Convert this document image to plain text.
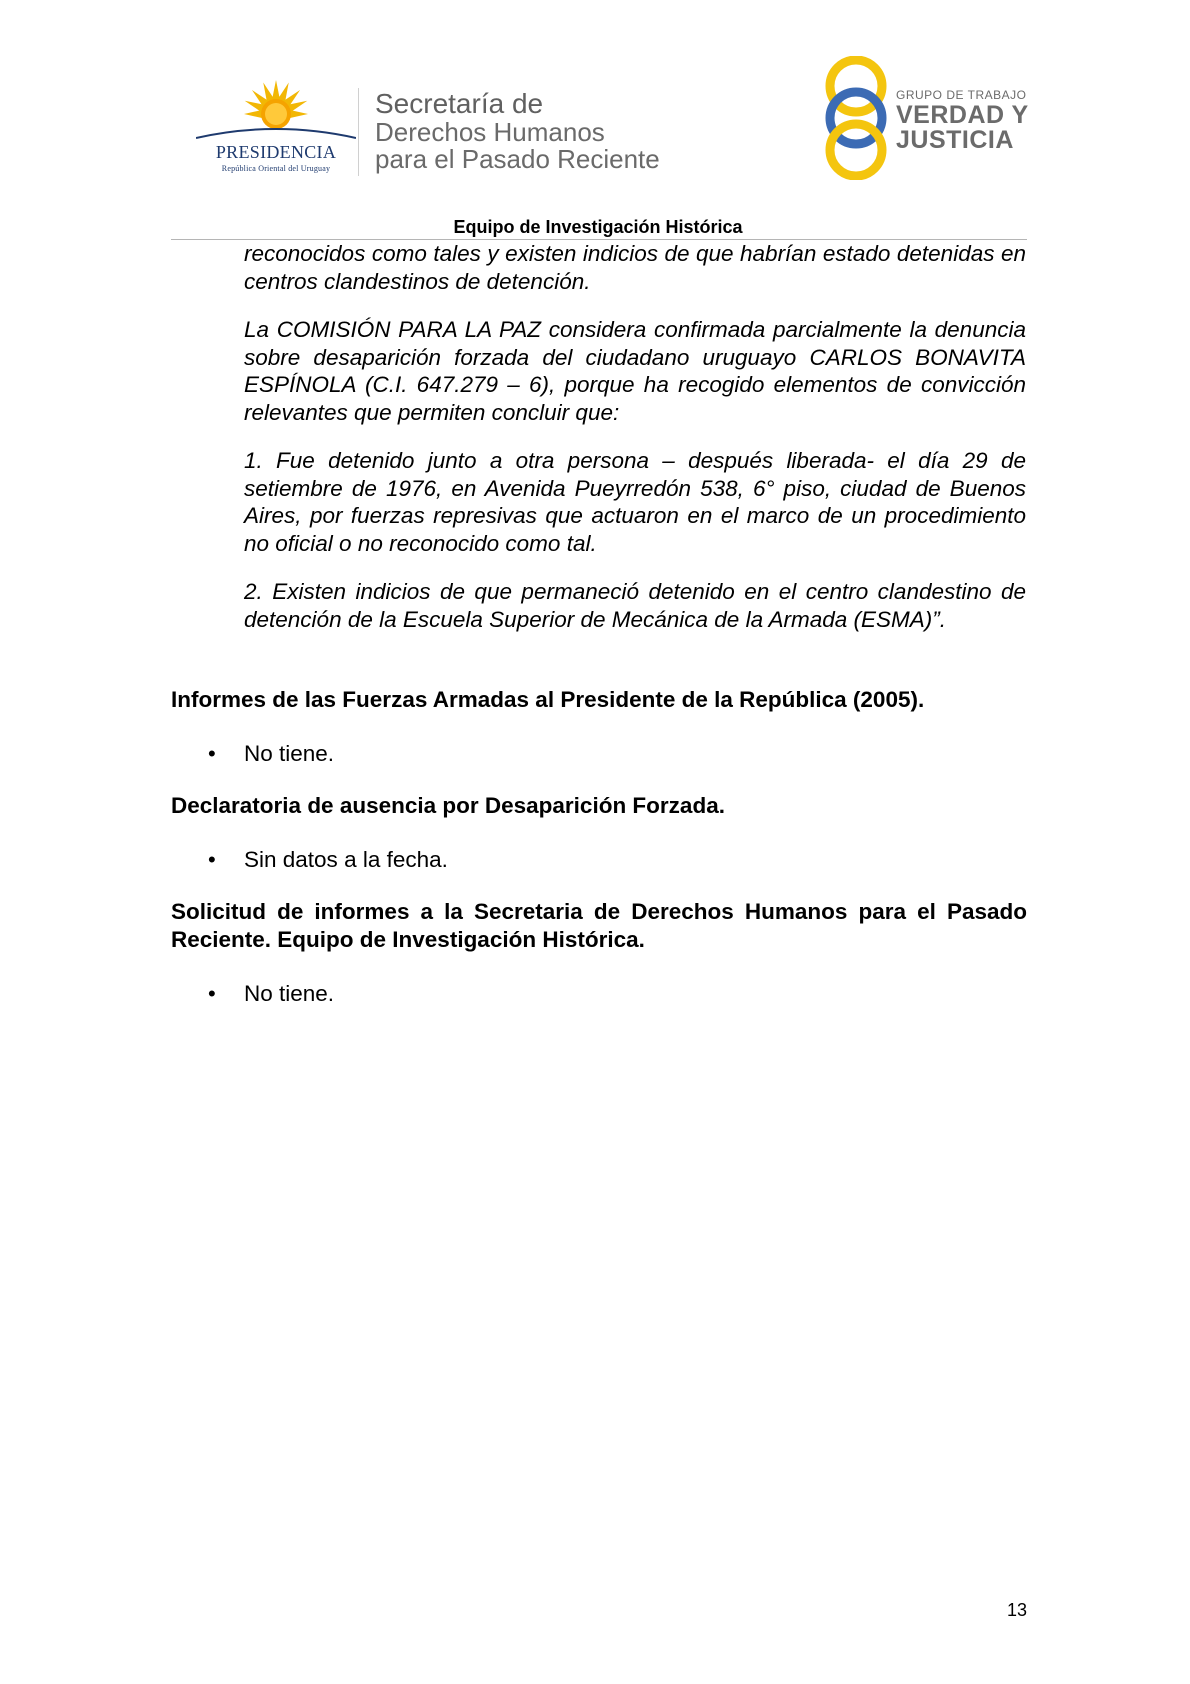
PRESIDENCIA
República Oriental del Uruguay
Secretaría de
Derechos Humanos
para el Pasado Reciente
GRUPO DE TRABAJO
VERDAD Y
JUSTICIA
Equipo de Investigación Histórica
reconocidos como tales y existen indicios de que habrían estado detenidas en centros clandestinos de detención.
La COMISIÓN PARA LA PAZ considera confirmada parcialmente la denuncia sobre desaparición forzada del ciudadano uruguayo CARLOS BONAVITA ESPÍNOLA (C.I. 647.279 – 6), porque ha recogido elementos de convicción relevantes que permiten concluir que:
1. Fue detenido junto a otra persona – después liberada- el día 29 de setiembre de 1976, en Avenida Pueyrredón 538, 6° piso, ciudad de Buenos Aires, por fuerzas represivas que actuaron en el marco de un procedimiento no oficial o no reconocido como tal.
2. Existen indicios de que permaneció detenido en el centro clandestino de detención de la Escuela Superior de Mecánica de la Armada (ESMA)”.
Informes de las Fuerzas Armadas al Presidente de la República (2005).
• No tiene.
Declaratoria de ausencia por Desaparición Forzada.
• Sin datos a la fecha.
Solicitud de informes a la Secretaria de Derechos Humanos para el Pasado Reciente. Equipo de Investigación Histórica.
• No tiene.
13
